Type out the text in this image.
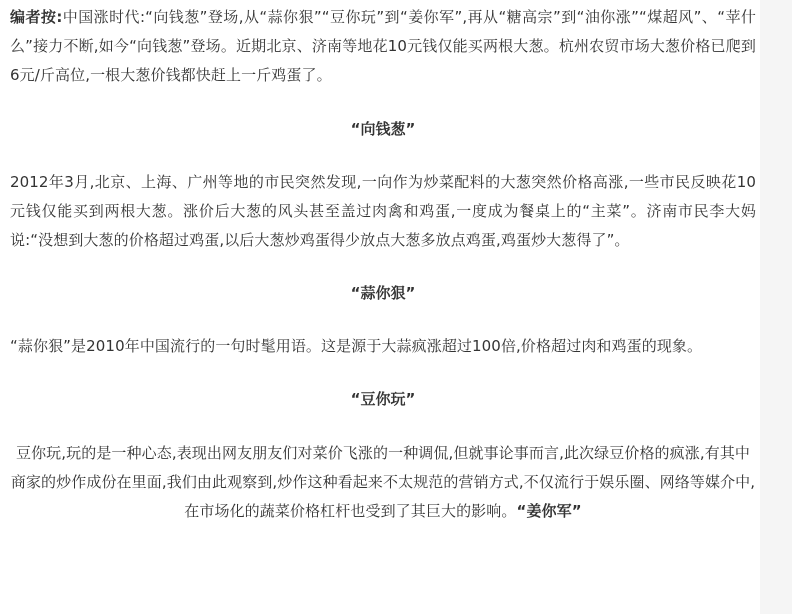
编者按:中国涨时代:“向钱葱”登场,从“蒜你狠”“豆你玩”到“姜你军”,再从“糖高宗”到“油你涨”“煤超风”、“苹什么”接力不断,如今“向钱葱”登场。近期北京、济南等地花10元钱仅能买两根大葱。杭州农贸市场大葱价格已爬到6元/斤高位,一根大葱价钱都快赶上一斤鸡蛋了。

“向钱葱”

2012年3月,北京、上海、广州等地的市民突然发现,一向作为炒菜配料的大葱突然价格高涨,一些市民反映花10元钱仅能买到两根大葱。涨价后大葱的风头甚至盖过肉禽和鸡蛋,一度成为餐桌上的“主菜”。济南市民李大妈说:“没想到大葱的价格超过鸡蛋,以后大葱炒鸡蛋得少放点大葱多放点鸡蛋,鸡蛋炒大葱得了”。

“蒜你狠”

“蒜你狠”是2010年中国流行的一句时髦用语。这是源于大蒜疯涨超过100倍,价格超过肉和鸡蛋的现象。

“豆你玩”

豆你玩,玩的是一种心态,表现出网友朋友们对菜价飞涨的一种调侃,但就事论事而言,此次绿豆价格的疯涨,有其中商家的炒作成份在里面,我们由此观察到,炒作这种看起来不太规范的营销方式,不仅流行于娱乐圈、网络等媒介中,在市场化的蔬菜价格杠杆也受到了其巨大的影响。“姜你军”
